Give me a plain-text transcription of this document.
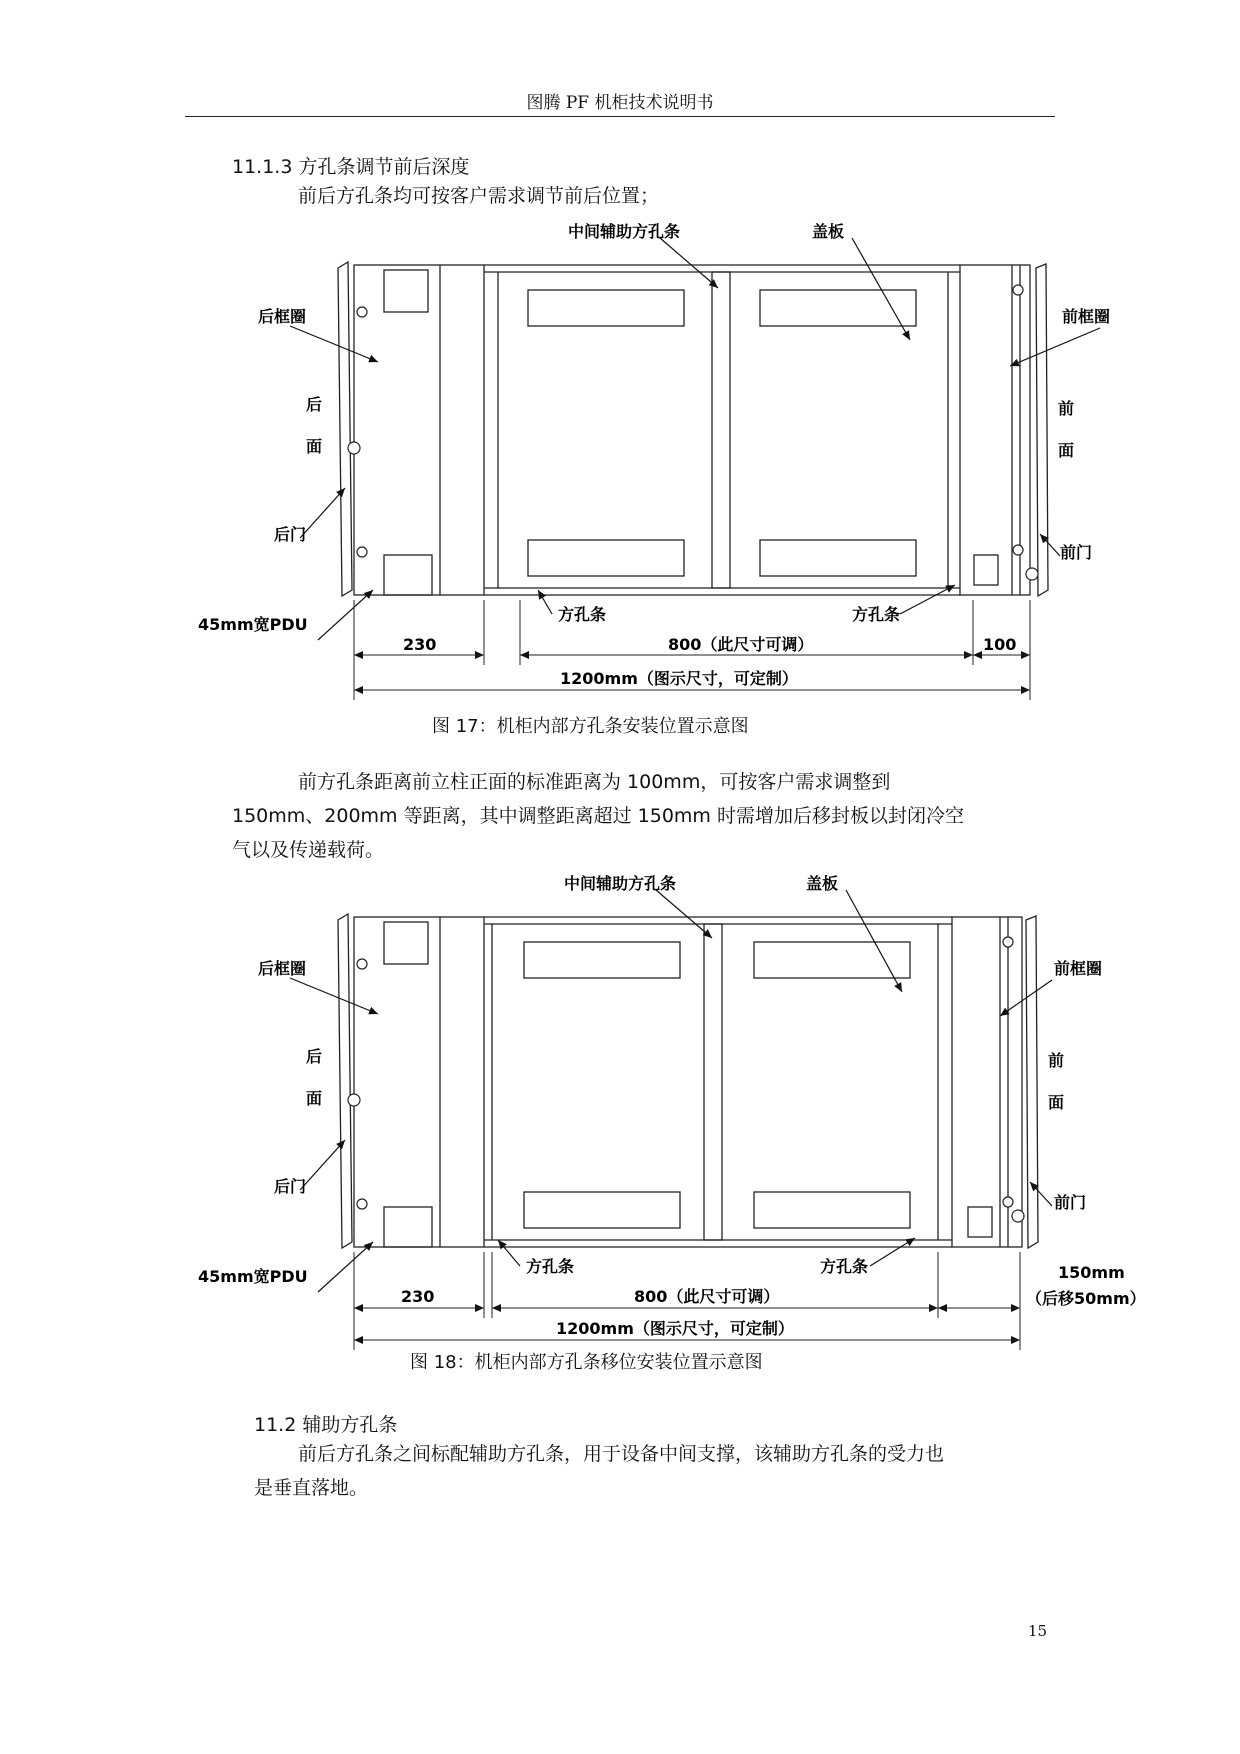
图腾 PF 机柜技术说明书
11.1.3 方孔条调节前后深度
前后方孔条均可按客户需求调节前后位置；
中间辅助方孔条	盖板
后框圈	前框圈
后
面
前
面
后门
前门
45mm宽PDU
方孔条	方孔条
230	800（此尺寸可调）	100
1200mm（图示尺寸，可定制）
图 17：机柜内部方孔条安装位置示意图
前方孔条距离前立柱正面的标准距离为 100mm，可按客户需求调整到
150mm、200mm 等距离，其中调整距离超过 150mm 时需增加后移封板以封闭冷空
气以及传递载荷。
中间辅助方孔条	盖板
后框圈	前框圈
后
面
前
面
后门
前门
45mm宽PDU
方孔条	方孔条
230	800（此尺寸可调）
150mm
（后移50mm）
1200mm（图示尺寸，可定制）
图 18：机柜内部方孔条移位安装位置示意图
11.2 辅助方孔条
前后方孔条之间标配辅助方孔条，用于设备中间支撑，该辅助方孔条的受力也
是垂直落地。
15
